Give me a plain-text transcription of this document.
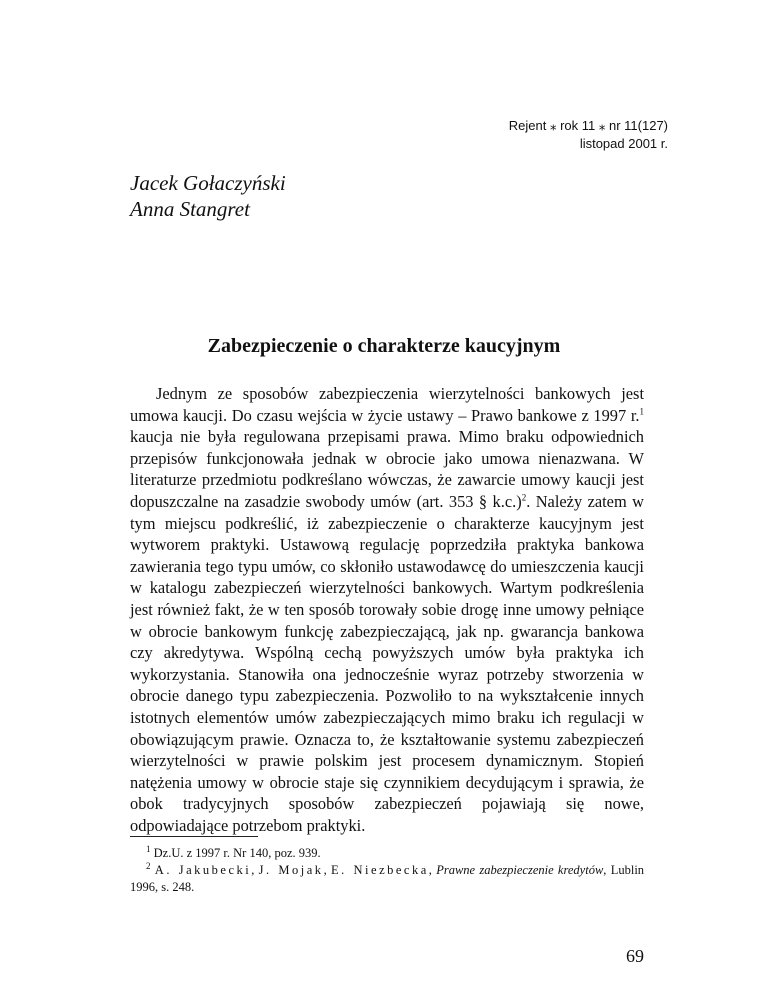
Rejent ⁎ rok 11 ⁎ nr 11(127)
listopad 2001 r.
Jacek Gołaczyński
Anna Stangret
Zabezpieczenie o charakterze kaucyjnym

Jednym ze sposobów zabezpieczenia wierzytelności bankowych jest umowa kaucji. Do czasu wejścia w życie ustawy – Prawo bankowe z 1997 r.$^1$ kaucja nie była regulowana przepisami prawa. Mimo braku odpowiednich przepisów funkcjonowała jednak w obrocie jako umowa nienazwana. W literaturze przedmiotu podkreślano wówczas, że zawarcie umowy kaucji jest dopuszczalne na zasadzie swobody umów (art. 353 § k.c.)$^2$. Należy zatem w tym miejscu podkreślić, iż zabezpieczenie o charakterze kaucyjnym jest wytworem praktyki. Ustawową regulację poprzedziła praktyka bankowa zawierania tego typu umów, co skłoniło ustawodawcę do umieszczenia kaucji w katalogu zabezpieczeń wierzytelności bankowych. Wartym podkreślenia jest również fakt, że w ten sposób torowały sobie drogę inne umowy pełniące w obrocie bankowym funkcję zabezpieczającą, jak np. gwarancja bankowa czy akredytywa. Wspólną cechą powyższych umów była praktyka ich wykorzystania. Stanowiła ona jednocześnie wyraz potrzeby stworzenia w obrocie danego typu zabezpieczenia. Pozwoliło to na wykształcenie innych istotnych elementów umów zabezpieczających mimo braku ich regulacji w obowiązującym prawie. Oznacza to, że kształtowanie systemu zabezpieczeń wierzytelności w prawie polskim jest procesem dynamicznym. Stopień natężenia umowy w obrocie staje się czynnikiem decydującym i sprawia, że obok tradycyjnych sposobów zabezpieczeń pojawiają się nowe, odpowiadające potrzebom praktyki.

$^1$ Dz.U. z 1997 r. Nr 140, poz. 939.
$^2$ A. Jakubecki, J. Mojak, E. Niezbecka, Prawne zabezpieczenie kredytów, Lublin 1996, s. 248.
69
